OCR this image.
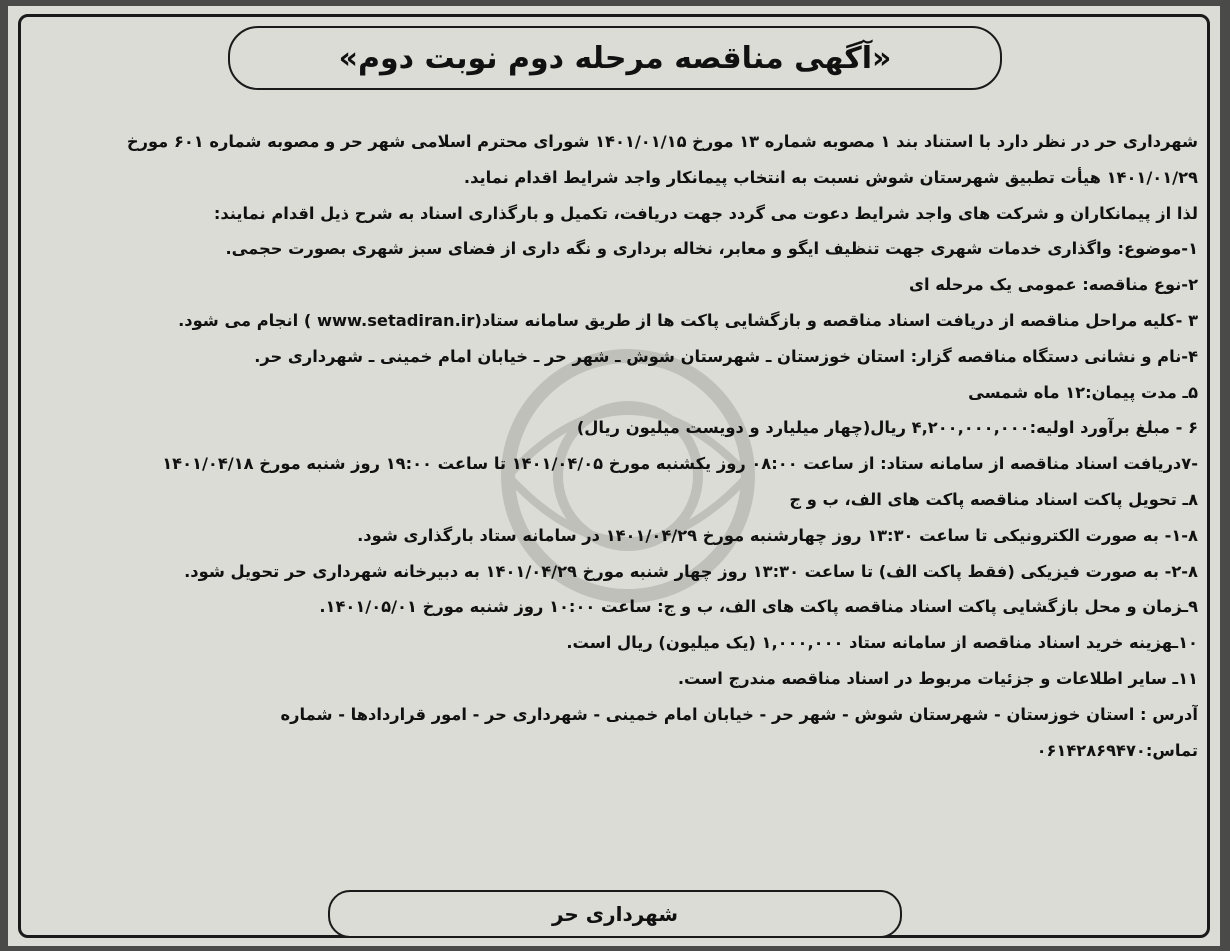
«آگهی مناقصه مرحله دوم نوبت دوم»
شهرداری حر در نظر دارد با استناد بند ۱ مصوبه شماره ۱۳ مورخ ۱۴۰۱/۰۱/۱۵ شورای محترم اسلامی شهر حر و مصوبه شماره ۶۰۱ مورخ
۱۴۰۱/۰۱/۲۹ هیأت تطبیق شهرستان شوش نسبت به انتخاب پیمانکار واجد شرایط اقدام نماید.
لذا از پیمانکاران و شرکت های واجد شرایط دعوت می گردد جهت دریافت، تکمیل و بارگذاری اسناد به شرح ذیل اقدام نمایند:
۱-موضوع: واگذاری خدمات شهری جهت تنظیف ایگو و معابر، نخاله برداری و نگه داری از فضای سبز شهری بصورت حجمی.
۲-نوع مناقصه: عمومی یک مرحله ای
۳ -کلیه مراحل مناقصه از دریافت اسناد مناقصه و بازگشایی پاکت ها از طریق سامانه ستاد(www.setadiran.ir ) انجام می شود.
۴-نام و نشانی دستگاه مناقصه گزار: استان خوزستان ـ شهرستان شوش ـ شهر حر ـ خیابان امام خمینی ـ شهرداری حر.
۵ـ مدت پیمان:۱۲ ماه شمسی
۶ - مبلغ برآورد اولیه:۴,۲۰۰,۰۰۰,۰۰۰ ریال(چهار میلیارد و دویست میلیون ریال)
-۷دریافت اسناد مناقصه از سامانه ستاد: از ساعت ۰۸:۰۰ روز یکشنبه مورخ ۱۴۰۱/۰۴/۰۵ تا ساعت ۱۹:۰۰ روز شنبه مورخ ۱۴۰۱/۰۴/۱۸
۸ـ تحویل پاکت اسناد مناقصه پاکت های الف، ب و ج
۱-۸- به صورت الکترونیکی تا ساعت ۱۳:۳۰ روز چهارشنبه مورخ ۱۴۰۱/۰۴/۲۹ در سامانه ستاد بارگذاری شود.
۲-۸- به صورت فیزیکی (فقط پاکت الف) تا ساعت ۱۳:۳۰ روز چهار شنبه مورخ ۱۴۰۱/۰۴/۲۹ به دبیرخانه شهرداری حر تحویل شود.
۹ـزمان و محل بازگشایی پاکت اسناد مناقصه پاکت های الف، ب و ج: ساعت ۱۰:۰۰ روز شنبه مورخ ۱۴۰۱/۰۵/۰۱.
۱۰ـهزینه خرید اسناد مناقصه از سامانه ستاد ۱,۰۰۰,۰۰۰ (یک میلیون) ریال است.
۱۱ـ سایر اطلاعات و جزئیات مربوط در اسناد مناقصه مندرج است.
آدرس : استان خوزستان - شهرستان شوش - شهر حر - خیابان امام خمینی - شهرداری حر - امور قراردادها - شماره
تماس:۰۶۱۴۲۸۶۹۴۷۰
شهرداری حر
